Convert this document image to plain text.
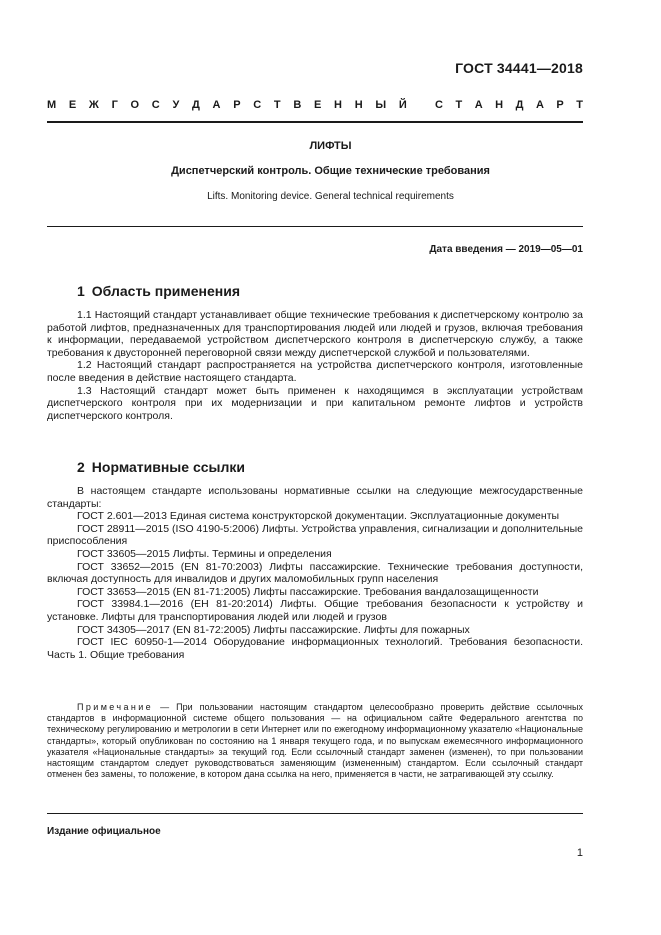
ГОСТ 34441—2018
М Е Ж Г О С У Д А Р С Т В Е Н Н Ы Й	С Т А Н Д А Р Т
ЛИФТЫ
Диспетчерский контроль. Общие технические требования
Lifts. Monitoring device. General technical requirements
Дата введения — 2019—05—01
1 Область применения

1.1 Настоящий стандарт устанавливает общие технические требования к диспетчерскому контролю за работой лифтов, предназначенных для транспортирования людей или людей и грузов, включая требования к информации, передаваемой устройством диспетчерского контроля в диспетчерскую службу, а также требования к двусторонней переговорной связи между диспетчерской службой и пользователями.

1.2 Настоящий стандарт распространяется на устройства диспетчерского контроля, изготовленные после введения в действие настоящего стандарта.

1.3 Настоящий стандарт может быть применен к находящимся в эксплуатации устройствам диспетчерского контроля при их модернизации и при капитальном ремонте лифтов и устройств диспетчерского контроля.

2 Нормативные ссылки

В настоящем стандарте использованы нормативные ссылки на следующие межгосударственные стандарты:

ГОСТ 2.601—2013 Единая система конструкторской документации. Эксплуатационные документы

ГОСТ 28911—2015 (ISO 4190-5:2006) Лифты. Устройства управления, сигнализации и дополнительные приспособления

ГОСТ 33605—2015 Лифты. Термины и определения

ГОСТ 33652—2015 (EN 81-70:2003) Лифты пассажирские. Технические требования доступности, включая доступность для инвалидов и других маломобильных групп населения

ГОСТ 33653—2015 (EN 81-71:2005) Лифты пассажирские. Требования вандалозащищенности

ГОСТ 33984.1—2016 (EH 81-20:2014) Лифты. Общие требования безопасности к устройству и установке. Лифты для транспортирования людей или людей и грузов

ГОСТ 34305—2017 (EN 81-72:2005) Лифты пассажирские. Лифты для пожарных

ГОСТ IEC 60950-1—2014 Оборудование информационных технологий. Требования безопасности. Часть 1. Общие требования

Примечание — При пользовании настоящим стандартом целесообразно проверить действие ссылочных стандартов в информационной системе общего пользования — на официальном сайте Федерального агентства по техническому регулированию и метрологии в сети Интернет или по ежегодному информационному указателю «Национальные стандарты», который опубликован по состоянию на 1 января текущего года, и по выпускам ежемесячного информационного указателя «Национальные стандарты» за текущий год. Если ссылочный стандарт заменен (изменен), то при пользовании настоящим стандартом следует руководствоваться заменяющим (измененным) стандартом. Если ссылочный стандарт отменен без замены, то положение, в котором дана ссылка на него, применяется в части, не затрагивающей эту ссылку.
Издание официальное
1
